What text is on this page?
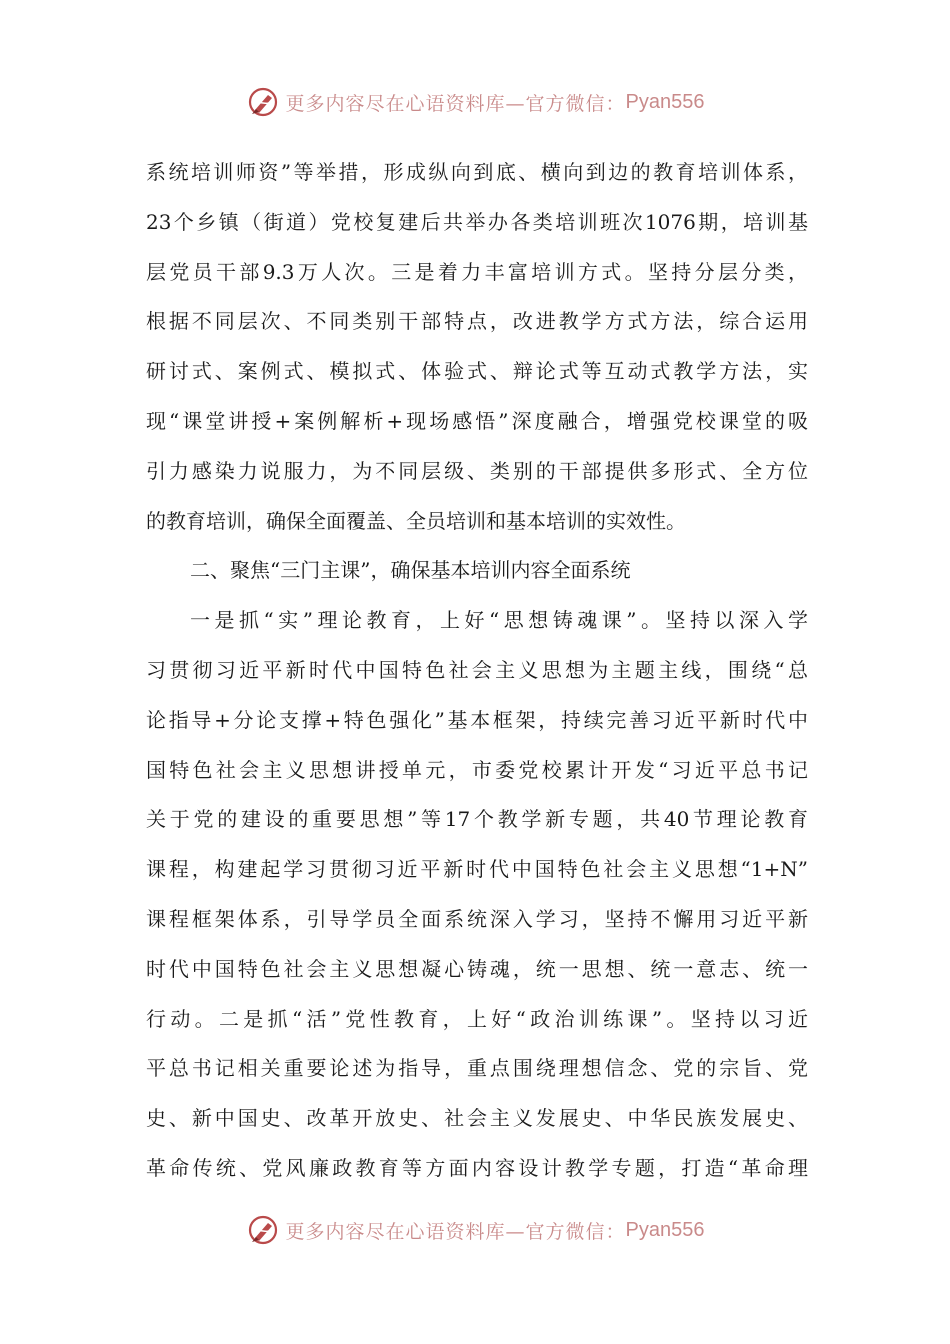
更多内容尽在心语资料库—官方微信： Pyan556
系统培训师资”等举措，形成纵向到底、横向到边的教育培训体系，
23个乡镇（街道）党校复建后共举办各类培训班次1076期，培训基
层党员干部9.3万人次。三是着力丰富培训方式。坚持分层分类，
根据不同层次、不同类别干部特点，改进教学方式方法，综合运用
研讨式、案例式、模拟式、体验式、辩论式等互动式教学方法，实
现“课堂讲授+案例解析+现场感悟”深度融合，增强党校课堂的吸
引力感染力说服力，为不同层级、类别的干部提供多形式、全方位
的教育培训，确保全面覆盖、全员培训和基本培训的实效性。
二、聚焦“三门主课”，确保基本培训内容全面系统
一是抓“实”理论教育，上好“思想铸魂课”。坚持以深入学
习贯彻习近平新时代中国特色社会主义思想为主题主线，围绕“总
论指导+分论支撑+特色强化”基本框架，持续完善习近平新时代中
国特色社会主义思想讲授单元，市委党校累计开发“习近平总书记
关于党的建设的重要思想”等17个教学新专题，共40节理论教育
课程，构建起学习贯彻习近平新时代中国特色社会主义思想“1+N”
课程框架体系，引导学员全面系统深入学习，坚持不懈用习近平新
时代中国特色社会主义思想凝心铸魂，统一思想、统一意志、统一
行动。二是抓“活”党性教育，上好“政治训练课”。坚持以习近
平总书记相关重要论述为指导，重点围绕理想信念、党的宗旨、党
史、新中国史、改革开放史、社会主义发展史、中华民族发展史、
革命传统、党风廉政教育等方面内容设计教学专题，打造“革命理
更多内容尽在心语资料库—官方微信： Pyan556
